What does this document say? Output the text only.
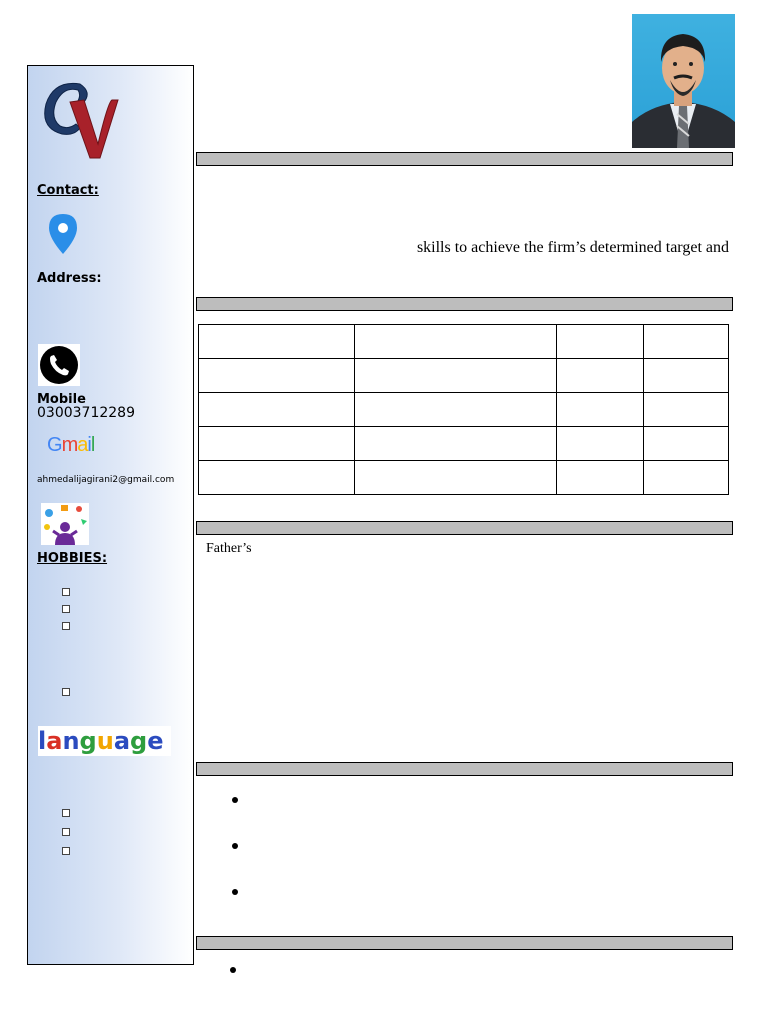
Contact:
Address:
Mobile
03003712289
Gmail
ahmedalijagirani2@gmail.com
HOBBIES:
language
skills to achieve the firm’s determined target and

Father’s
